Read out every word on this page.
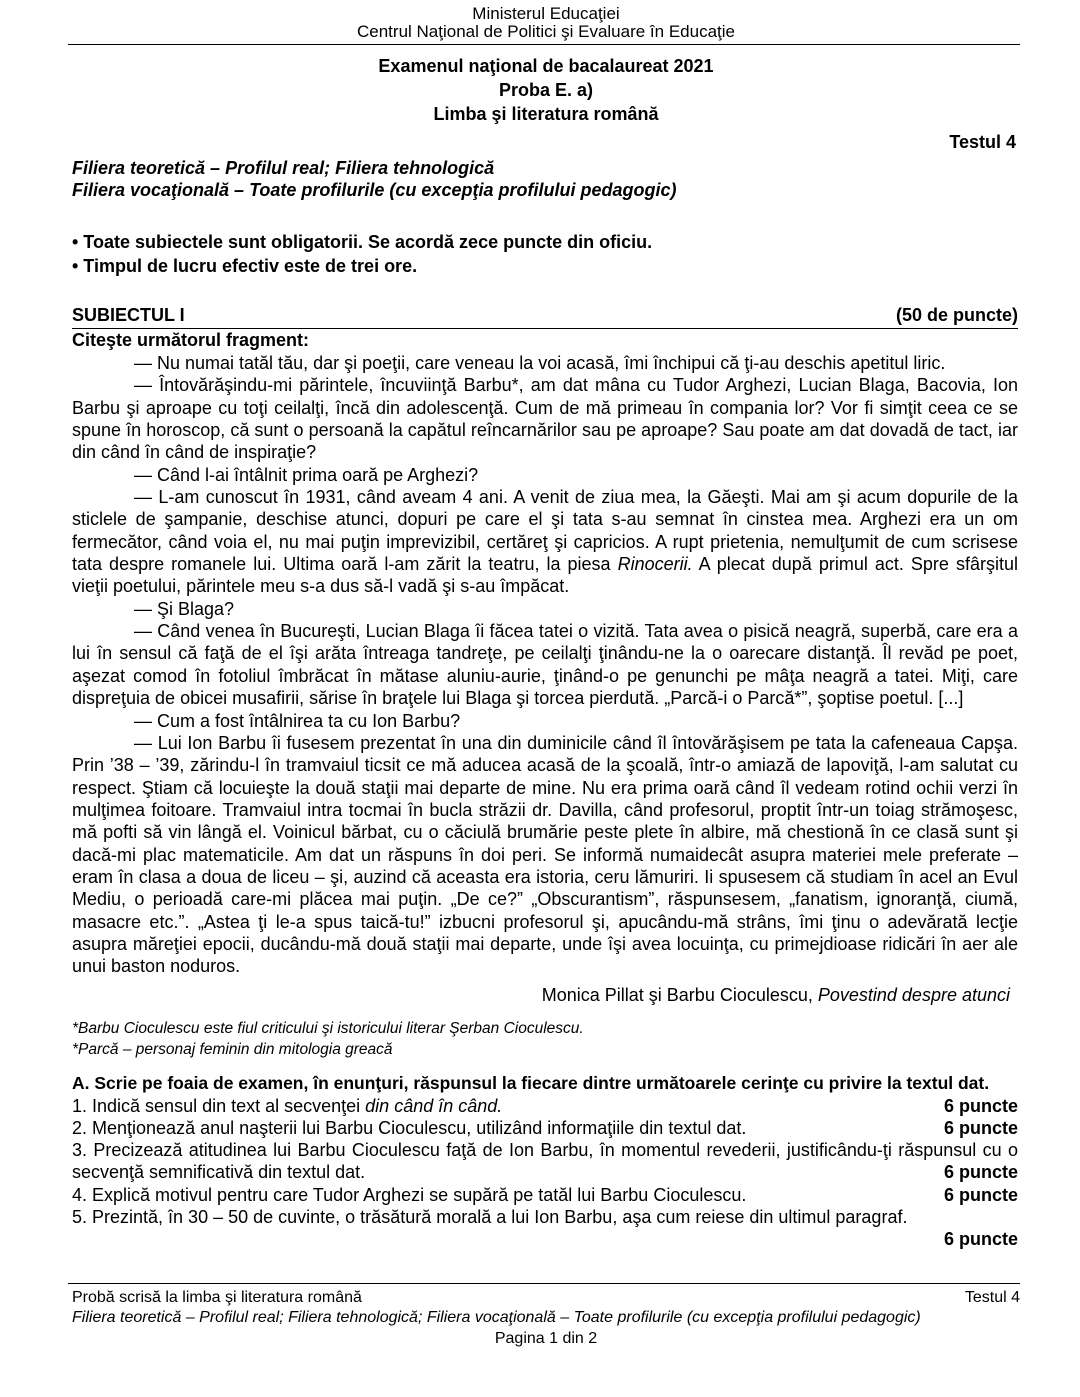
Ministerul Educaţiei
Centrul Naţional de Politici şi Evaluare în Educaţie
Examenul naţional de bacalaureat 2021
Proba E. a)
Limba şi literatura română
Testul 4
Filiera teoretică – Profilul real; Filiera tehnologică
Filiera vocaţională – Toate profilurile (cu excepţia profilului pedagogic)
• Toate subiectele sunt obligatorii. Se acordă zece puncte din oficiu.
• Timpul de lucru efectiv este de trei ore.
SUBIECTUL I	(50 de puncte)
Citeşte următorul fragment:

— Nu numai tatăl tău, dar şi poeţii, care veneau la voi acasă, îmi închipui că ţi-au deschis apetitul liric.

— Întovărăşindu-mi părintele, încuviinţă Barbu*, am dat mâna cu Tudor Arghezi, Lucian Blaga, Bacovia, Ion Barbu şi aproape cu toţi ceilalţi, încă din adolescenţă. Cum de mă primeau în compania lor? Vor fi simţit ceea ce se spune în horoscop, că sunt o persoană la capătul reîncarnărilor sau pe aproape? Sau poate am dat dovadă de tact, iar din când în când de inspiraţie?

— Când l-ai întâlnit prima oară pe Arghezi?

— L-am cunoscut în 1931, când aveam 4 ani. A venit de ziua mea, la Găeşti. Mai am şi acum dopurile de la sticlele de şampanie, deschise atunci, dopuri pe care el şi tata s-au semnat în cinstea mea. Arghezi era un om fermecător, când voia el, nu mai puţin imprevizibil, certăreţ şi capricios. A rupt prietenia, nemulţumit de cum scrisese tata despre romanele lui. Ultima oară l-am zărit la teatru, la piesa Rinocerii. A plecat după primul act. Spre sfârşitul vieţii poetului, părintele meu s-a dus să-l vadă şi s-au împăcat.

— Şi Blaga?

— Când venea în Bucureşti, Lucian Blaga îi făcea tatei o vizită. Tata avea o pisică neagră, superbă, care era a lui în sensul că faţă de el îşi arăta întreaga tandreţe, pe ceilalţi ţinându-ne la o oarecare distanţă. Îl revăd pe poet, aşezat comod în fotoliul îmbrăcat în mătase aluniu-aurie, ţinând-o pe genunchi pe mâţa neagră a tatei. Miţi, care dispreţuia de obicei musafirii, sărise în braţele lui Blaga şi torcea pierdută. „Parcă-i o Parcă*”, şoptise poetul. [...]

— Cum a fost întâlnirea ta cu Ion Barbu?

— Lui Ion Barbu îi fusesem prezentat în una din duminicile când îl întovărăşisem pe tata la cafeneaua Capşa. Prin ’38 – ’39, zărindu-l în tramvaiul ticsit ce mă aducea acasă de la şcoală, într-o amiază de lapoviţă, l-am salutat cu respect. Ştiam că locuieşte la două staţii mai departe de mine. Nu era prima oară când îl vedeam rotind ochii verzi în mulţimea foitoare. Tramvaiul intra tocmai în bucla străzii dr. Davilla, când profesorul, proptit într-un toiag strămoşesc, mă pofti să vin lângă el. Voinicul bărbat, cu o căciulă brumărie peste plete în albire, mă chestionă în ce clasă sunt şi dacă-mi plac matematicile. Am dat un răspuns în doi peri. Se informă numaidecât asupra materiei mele preferate – eram în clasa a doua de liceu – şi, auzind că aceasta era istoria, ceru lămuriri. Ii spusesem că studiam în acel an Evul Mediu, o perioadă care-mi plăcea mai puţin. „De ce?” „Obscurantism”, răspunsesem, „fanatism, ignoranţă, ciumă, masacre etc.”. „Astea ţi le-a spus taică-tu!” izbucni profesorul şi, apucându-mă strâns, îmi ţinu o adevărată lecţie asupra măreţiei epocii, ducându-mă două staţii mai departe, unde îşi avea locuinţa, cu primejdioase ridicări în aer ale unui baston noduros.

Monica Pillat şi Barbu Cioculescu, Povestind despre atunci
*Barbu Cioculescu este fiul criticului şi istoricului literar Şerban Cioculescu.
*Parcă – personaj feminin din mitologia greacă
A. Scrie pe foaia de examen, în enunţuri, răspunsul la fiecare dintre următoarele cerinţe cu privire la textul dat.
1. Indică sensul din text al secvenţei din când în când.	6 puncte
2. Menţionează anul naşterii lui Barbu Cioculescu, utilizând informaţiile din textul dat.	6 puncte
3. Precizează atitudinea lui Barbu Cioculescu faţă de Ion Barbu, în momentul revederii, justificându-ţi răspunsul cu o secvenţă semnificativă din textul dat.	6 puncte
4. Explică motivul pentru care Tudor Arghezi se supără pe tatăl lui Barbu Cioculescu.	6 puncte
5. Prezintă, în 30 – 50 de cuvinte, o trăsătură morală a lui Ion Barbu, aşa cum reiese din ultimul paragraf.
6 puncte
Probă scrisă la limba şi literatura română	Testul 4
Filiera teoretică – Profilul real; Filiera tehnologică; Filiera vocaţională – Toate profilurile (cu excepţia profilului pedagogic)
Pagina 1 din 2
